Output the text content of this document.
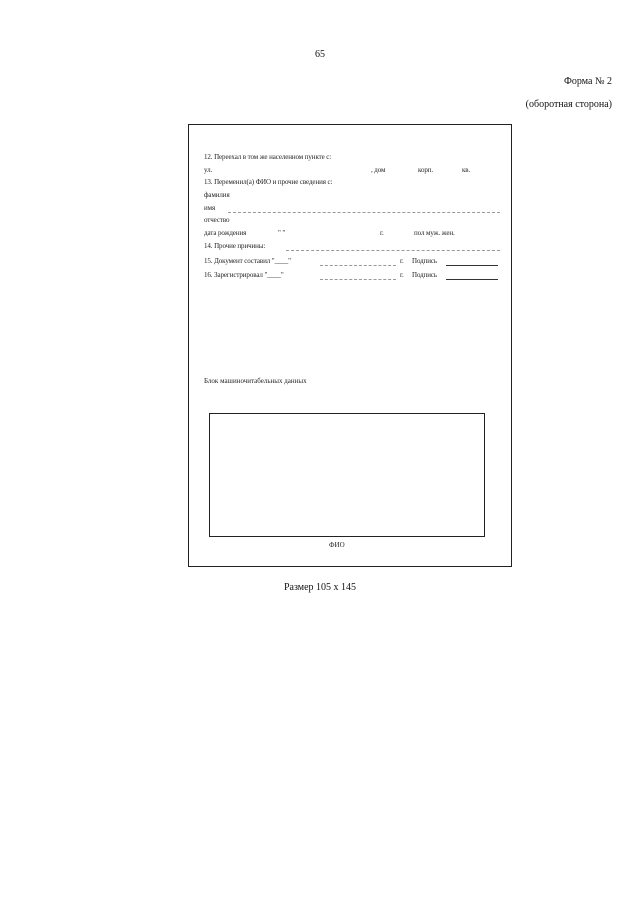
65
Форма № 2
(оборотная сторона)
12. Переехал в том же населенном пункте с:
ул.	, дом	корп.	кв.
13. Переменил(а) ФИО и прочие сведения с:
фамилия
имя
отчество
дата рождения	" "	г.	пол муж. жен.
14. Прочие причины:
15. Документ составил "____"	г. Подпись
16. Зарегистрировал "____"	г. Подпись
Блок машиночитабельных данных
ФИО
Размер 105 х 145
